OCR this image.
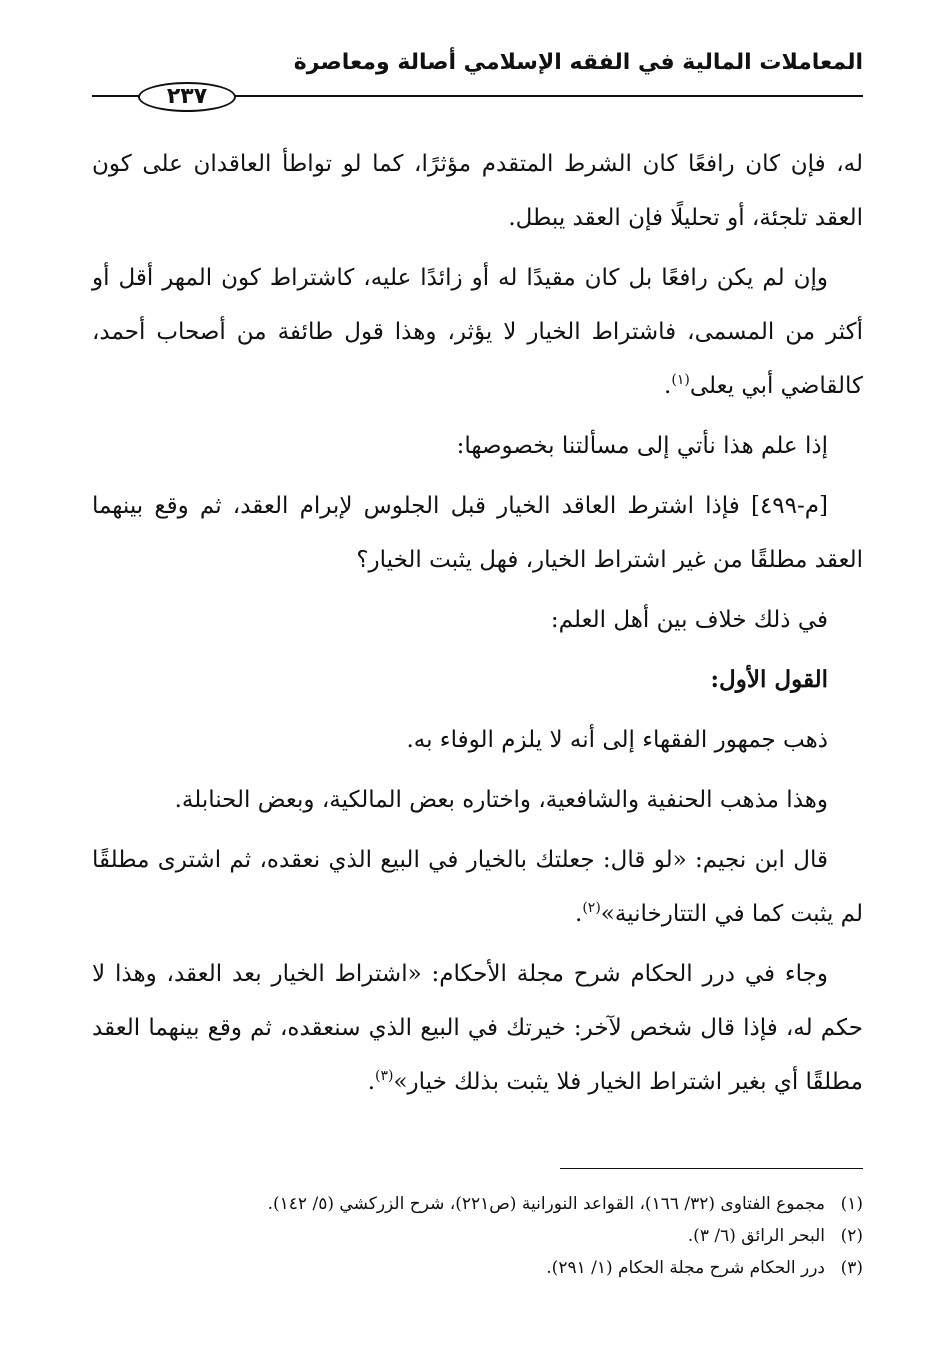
المعاملات المالية في الفقه الإسلامي أصالة ومعاصرة
٢٣٧

له، فإن كان رافعًا كان الشرط المتقدم مؤثرًا، كما لو تواطأ العاقدان على كون العقد تلجئة، أو تحليلًا فإن العقد يبطل.

وإن لم يكن رافعًا بل كان مقيدًا له أو زائدًا عليه، كاشتراط كون المهر أقل أو أكثر من المسمى، فاشتراط الخيار لا يؤثر، وهذا قول طائفة من أصحاب أحمد، كالقاضي أبي يعلى$^{(١)}$.

إذا علم هذا نأتي إلى مسألتنا بخصوصها:

[م-٤٩٩] فإذا اشترط العاقد الخيار قبل الجلوس لإبرام العقد، ثم وقع بينهما العقد مطلقًا من غير اشتراط الخيار، فهل يثبت الخيار؟

في ذلك خلاف بين أهل العلم:

القول الأول:

ذهب جمهور الفقهاء إلى أنه لا يلزم الوفاء به.

وهذا مذهب الحنفية والشافعية، واختاره بعض المالكية، وبعض الحنابلة.

قال ابن نجيم: «لو قال: جعلتك بالخيار في البيع الذي نعقده، ثم اشترى مطلقًا لم يثبت كما في التتارخانية»$^{(٢)}$.

وجاء في درر الحكام شرح مجلة الأحكام: «اشتراط الخيار بعد العقد، وهذا لا حكم له، فإذا قال شخص لآخر: خيرتك في البيع الذي سنعقده، ثم وقع بينهما العقد مطلقًا أي بغير اشتراط الخيار فلا يثبت بذلك خيار»$^{(٣)}$.

(١)مجموع الفتاوى (٣٢/ ١٦٦)، القواعد النورانية (ص٢٢١)، شرح الزركشي (٥/ ١٤٢).
(٢)البحر الرائق (٦/ ٣).
(٣)درر الحكام شرح مجلة الحكام (١/ ٢٩١).
